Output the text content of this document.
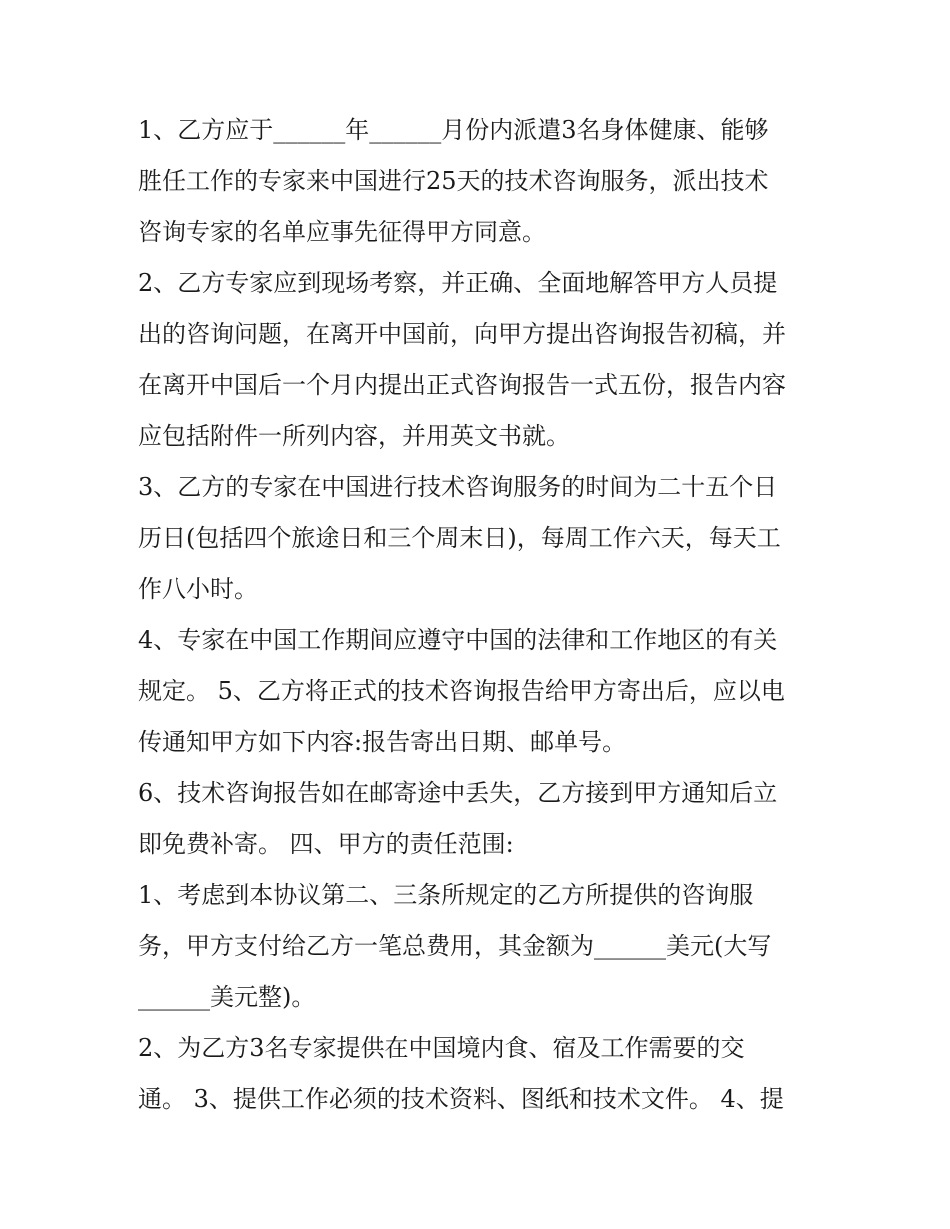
1、乙方应于______年______月份内派遣3名身体健康、能够
胜任工作的专家来中国进行25天的技术咨询服务，派出技术
咨询专家的名单应事先征得甲方同意。
2、乙方专家应到现场考察，并正确、全面地解答甲方人员提
出的咨询问题，在离开中国前，向甲方提出咨询报告初稿，并
在离开中国后一个月内提出正式咨询报告一式五份，报告内容
应包括附件一所列内容，并用英文书就。
3、乙方的专家在中国进行技术咨询服务的时间为二十五个日
历日(包括四个旅途日和三个周末日)，每周工作六天，每天工
作八小时。
4、专家在中国工作期间应遵守中国的法律和工作地区的有关
规定。 5、乙方将正式的技术咨询报告给甲方寄出后，应以电
传通知甲方如下内容:报告寄出日期、邮单号。
6、技术咨询报告如在邮寄途中丢失，乙方接到甲方通知后立
即免费补寄。 四、甲方的责任范围:
1、考虑到本协议第二、三条所规定的乙方所提供的咨询服
务，甲方支付给乙方一笔总费用，其金额为______美元(大写
______美元整)。
2、为乙方3名专家提供在中国境内食、宿及工作需要的交
通。 3、提供工作必须的技术资料、图纸和技术文件。 4、提
